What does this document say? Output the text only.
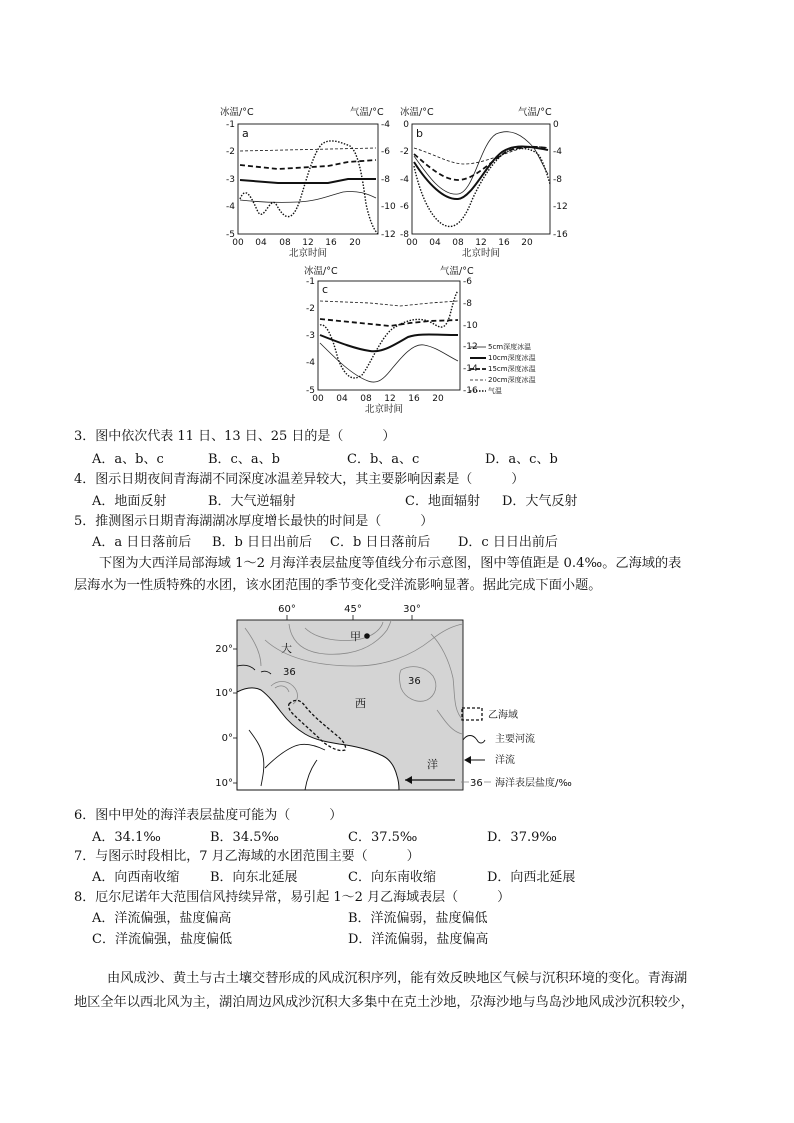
冰温/°C	气温/°C
a
-1
-2
-3
-4
-5
-4
-6
-8
-10
-12
00 04 08 12 16 20
北京时间
冰温/°C	气温/°C
b
0
-2
-4
-6
-8
0
-4
-8
-12
-16
00 04 08 12 16 20
北京时间
冰温/°C	气温/°C
c
-1
-2
-3
-4
-5
-6
-8
-10
-12
-14
-16
00 04 08 12 16 20
北京时间
5cm深度冰温
10cm深度冰温
15cm深度冰温
20cm深度冰温
气温
3．图中依次代表 11 日、13 日、25 日的是（　　　）
A．a、b、c	B．c、a、b	C．b、a、c	D．a、c、b
4．图示日期夜间青海湖不同深度冰温差异较大，其主要影响因素是（　　　）
A．地面反射	B．大气逆辐射	C．地面辐射 D．大气反射
5．推测图示日期青海湖湖冰厚度增长最快的时间是（　　　）
A．a 日日落前后 B．b 日日出前后 C．b 日日落前后 D．c 日日出前后
下图为大西洋局部海域 1～2 月海洋表层盐度等值线分布示意图，图中等值距是 0.4‰。乙海域的表
层海水为一性质特殊的水团，该水团范围的季节变化受洋流影响显著。据此完成下面小题。
60°	45°	30°
20°
10°
0°
10°
甲
大
36
36
西
洋
乙海域
主要河流
洋流
36 海洋表层盐度/‰
6．图中甲处的海洋表层盐度可能为（　　　）
A．34.1‰	B．34.5‰	C．37.5‰	D．37.9‰
7．与图示时段相比，7 月乙海域的水团范围主要（　　　）
A．向西南收缩 B．向东北延展	C．向东南收缩	D．向西北延展
8．厄尔尼诺年大范围信风持续异常，易引起 1～2 月乙海域表层（　　　）
A．洋流偏强，盐度偏高	B．洋流偏弱，盐度偏低
C．洋流偏强，盐度偏低	D．洋流偏弱，盐度偏高
由风成沙、黄土与古土壤交替形成的风成沉积序列，能有效反映地区气候与沉积环境的变化。青海湖
地区全年以西北风为主，湖泊周边风成沙沉积大多集中在克土沙地，尕海沙地与鸟岛沙地风成沙沉积较少，
